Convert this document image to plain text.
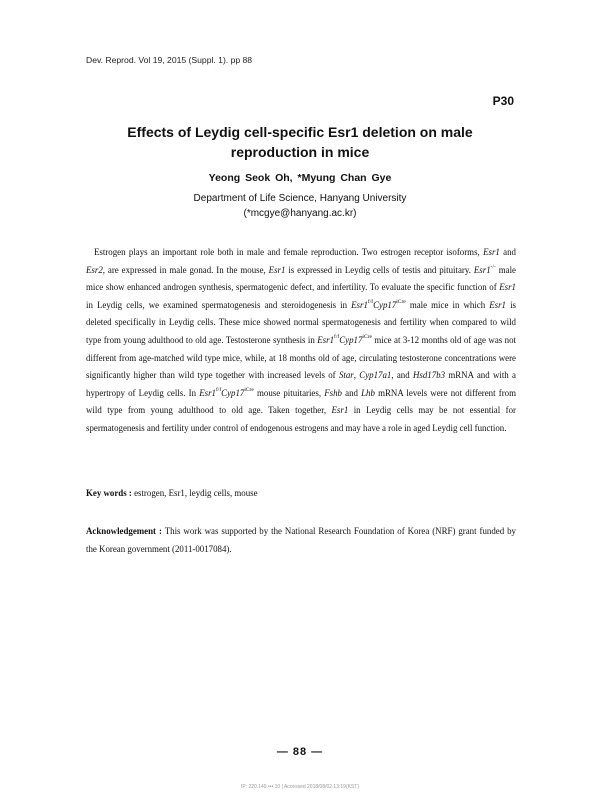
Dev. Reprod. Vol 19, 2015 (Suppl. 1). pp 88
P30
Effects of Leydig cell-specific Esr1 deletion on male
reproduction in mice
Yeong Seok Oh, *Myung Chan Gye
Department of Life Science, Hanyang University
(*mcgye@hanyang.ac.kr)
Estrogen plays an important role both in male and female reproduction. Two estrogen receptor isoforms, Esr1 and Esr2, are expressed in male gonad. In the mouse, Esr1 is expressed in Leydig cells of testis and pituitary. Esr1-/- male mice show enhanced androgen synthesis, spermatogenic defect, and infertility. To evaluate the specific function of Esr1 in Leydig cells, we examined spermatogenesis and steroidogenesis in $Esr1^{f/f}Cyp17^{iCre}$ male mice in which Esr1 is deleted specifically in Leydig cells. These mice showed normal spermatogenesis and fertility when compared to wild type from young adulthood to old age. Testosterone synthesis in $Esr1^{f/f}Cyp17^{iCre}$ mice at 3-12 months old of age was not different from age-matched wild type mice, while, at 18 months old of age, circulating testosterone concentrations were significantly higher than wild type together with increased levels of Star, Cyp17a1, and Hsd17b3 mRNA and with a hypertropy of Leydig cells. In $Esr1^{f/f}Cyp17^{iCre}$ mouse pituitaries, Fshb and Lhb mRNA levels were not different from wild type from young adulthood to old age. Taken together, Esr1 in Leydig cells may be not essential for spermatogenesis and fertility under control of endogenous estrogens and may have a role in aged Leydig cell function.
Key words : estrogen, Esr1, leydig cells, mouse
Acknowledgement : This work was supported by the National Research Foundation of Korea (NRF) grant funded by the Korean government (2011-0017084).
— 88 —
IP: 220.149.•••.10 | Accessed 2018/08/02 13:19(KST)
